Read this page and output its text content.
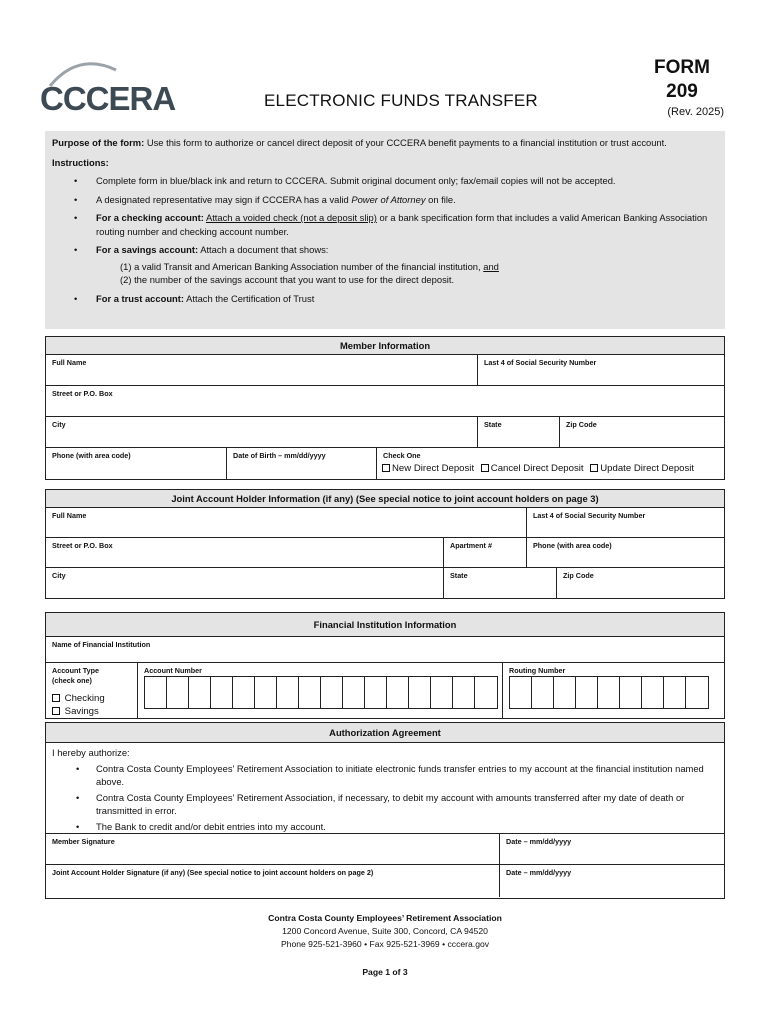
CCCERA	ELECTRONIC FUNDS TRANSFER
FORM
209
(Rev. 2025)
Purpose of the form: Use this form to authorize or cancel direct deposit of your CCCERA benefit payments to a financial institution or trust account.
Instructions:
• Complete form in blue/black ink and return to CCCERA. Submit original document only; fax/email copies will not be accepted.
• A designated representative may sign if CCCERA has a valid Power of Attorney on file.
• For a checking account: Attach a voided check (not a deposit slip) or a bank specification form that includes a valid American Banking Association routing number and checking account number.
• For a savings account: Attach a document that shows:
(1) a valid Transit and American Banking Association number of the financial institution, and
(2) the number of the savings account that you want to use for the direct deposit.
• For a trust account: Attach the Certification of Trust
Member Information
Full Name	Last 4 of Social Security Number
Street or P.O. Box
City	State	Zip Code
Phone (with area code)	Date of Birth – mm/dd/yyyy	Check One
New Direct Deposit Cancel Direct Deposit Update Direct Deposit
Joint Account Holder Information (if any) (See special notice to joint account holders on page 3)
Full Name	Last 4 of Social Security Number
Street or P.O. Box	Apartment #	Phone (with area code)
City	State	Zip Code
Financial Institution Information
Name of Financial Institution
Account Type
(check one)
Checking
Savings
Account Number	Routing Number
Authorization Agreement
I hereby authorize:
• Contra Costa County Employees’ Retirement Association to initiate electronic funds transfer entries to my account at the financial institution named above.
• Contra Costa County Employees’ Retirement Association, if necessary, to debit my account with amounts transferred after my date of death or transmitted in error.
• The Bank to credit and/or debit entries into my account.
Member Signature	Date – mm/dd/yyyy
Joint Account Holder Signature (if any) (See special notice to joint account holders on page 2)	Date – mm/dd/yyyy
Contra Costa County Employees’ Retirement Association
1200 Concord Avenue, Suite 300, Concord, CA 94520
Phone 925-521-3960 • Fax 925-521-3969 • cccera.gov
Page 1 of 3
